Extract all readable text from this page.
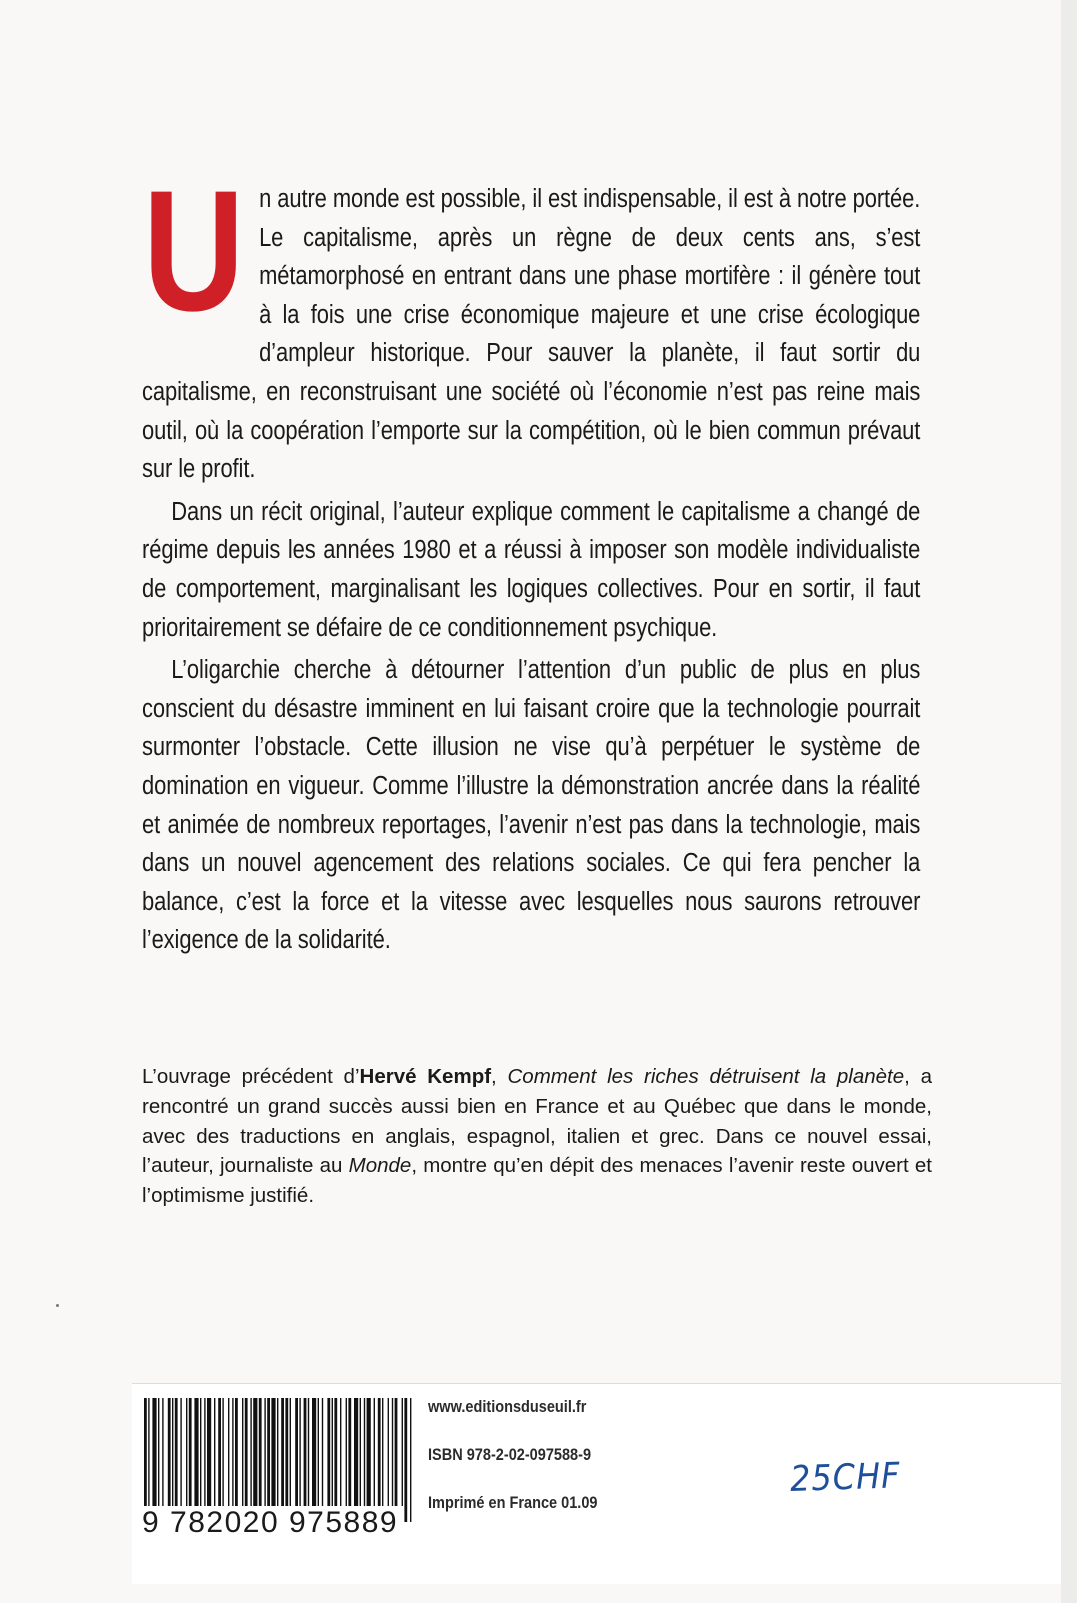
Un autre monde est possible, il est indispensable, il est à notre portée. Le capitalisme, après un règne de deux cents ans, s’est métamorphosé en entrant dans une phase mortifère : il génère tout à la fois une crise économique majeure et une crise écologique d’ampleur historique. Pour sauver la planète, il faut sortir du capitalisme, en reconstruisant une société où l’économie n’est pas reine mais outil, où la coopération l’emporte sur la compétition, où le bien commun prévaut sur le profit.

Dans un récit original, l’auteur explique comment le capitalisme a changé de régime depuis les années 1980 et a réussi à imposer son modèle individualiste de comportement, marginalisant les logiques collectives. Pour en sortir, il faut prioritairement se défaire de ce conditionnement psychique.

L’oligarchie cherche à détourner l’attention d’un public de plus en plus conscient du désastre imminent en lui faisant croire que la technologie pourrait surmonter l’obstacle. Cette illusion ne vise qu’à perpétuer le système de domination en vigueur. Comme l’illustre la démonstration ancrée dans la réalité et animée de nombreux reportages, l’avenir n’est pas dans la technologie, mais dans un nouvel agencement des relations sociales. Ce qui fera pencher la balance, c’est la force et la vitesse avec lesquelles nous saurons retrouver l’exigence de la solidarité.

L’ouvrage précédent d’Hervé Kempf, Comment les riches détruisent la planète, a rencontré un grand succès aussi bien en France et au Québec que dans le monde, avec des traductions en anglais, espagnol, italien et grec. Dans ce nouvel essai, l’auteur, journaliste au Monde, montre qu’en dépit des menaces l’avenir reste ouvert et l’optimisme justifié.
9 782020 975889
www.editionsduseuil.fr
ISBN 978-2-02-097588-9
Imprimé en France 01.09
25CHF
